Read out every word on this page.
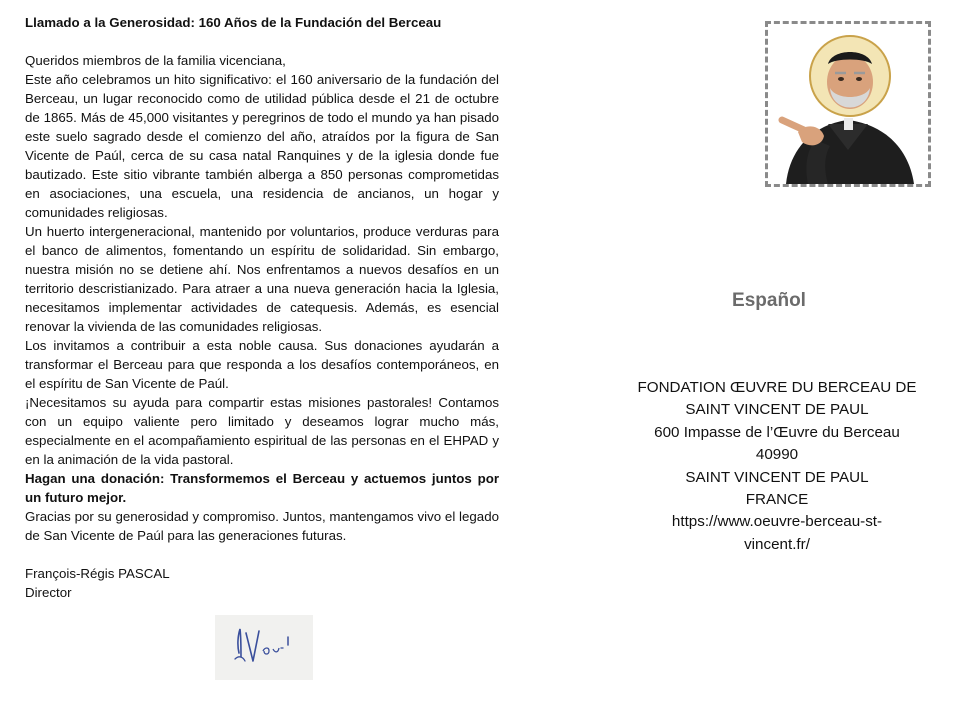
Llamado a la Generosidad: 160 Años de la Fundación del Berceau

Queridos miembros de la familia vicenciana,

Este año celebramos un hito significativo: el 160 aniversario de la fundación del Berceau, un lugar reconocido como de utilidad pública desde el 21 de octubre de 1865. Más de 45,000 visitantes y peregrinos de todo el mundo ya han pisado este suelo sagrado desde el comienzo del año, atraídos por la figura de San Vicente de Paúl, cerca de su casa natal Ranquines y de la iglesia donde fue bautizado. Este sitio vibrante también alberga a 850 personas comprometidas en asociaciones, una escuela, una residencia de ancianos, un hogar y comunidades religiosas.

Un huerto intergeneracional, mantenido por voluntarios, produce verduras para el banco de alimentos, fomentando un espíritu de solidaridad. Sin embargo, nuestra misión no se detiene ahí. Nos enfrentamos a nuevos desafíos en un territorio descristianizado. Para atraer a una nueva generación hacia la Iglesia, necesitamos implementar actividades de catequesis. Además, es esencial renovar la vivienda de las comunidades religiosas.

Los invitamos a contribuir a esta noble causa. Sus donaciones ayudarán a transformar el Berceau para que responda a los desafíos contemporáneos, en el espíritu de San Vicente de Paúl.

¡Necesitamos su ayuda para compartir estas misiones pastorales! Contamos con un equipo valiente pero limitado y deseamos lograr mucho más, especialmente en el acompañamiento espiritual de las personas en el EHPAD y en la animación de la vida pastoral.

Hagan una donación: Transformemos el Berceau y actuemos juntos por un futuro mejor.

Gracias por su generosidad y compromiso. Juntos, mantengamos vivo el legado de San Vicente de Paúl para las generaciones futuras.

François-Régis PASCAL

Director

Español
FONDATION ŒUVRE DU BERCEAU DE
SAINT VINCENT DE PAUL
600 Impasse de l’Œuvre du Berceau
40990
SAINT VINCENT DE PAUL
FRANCE
https://www.oeuvre-berceau-st-
vincent.fr/
